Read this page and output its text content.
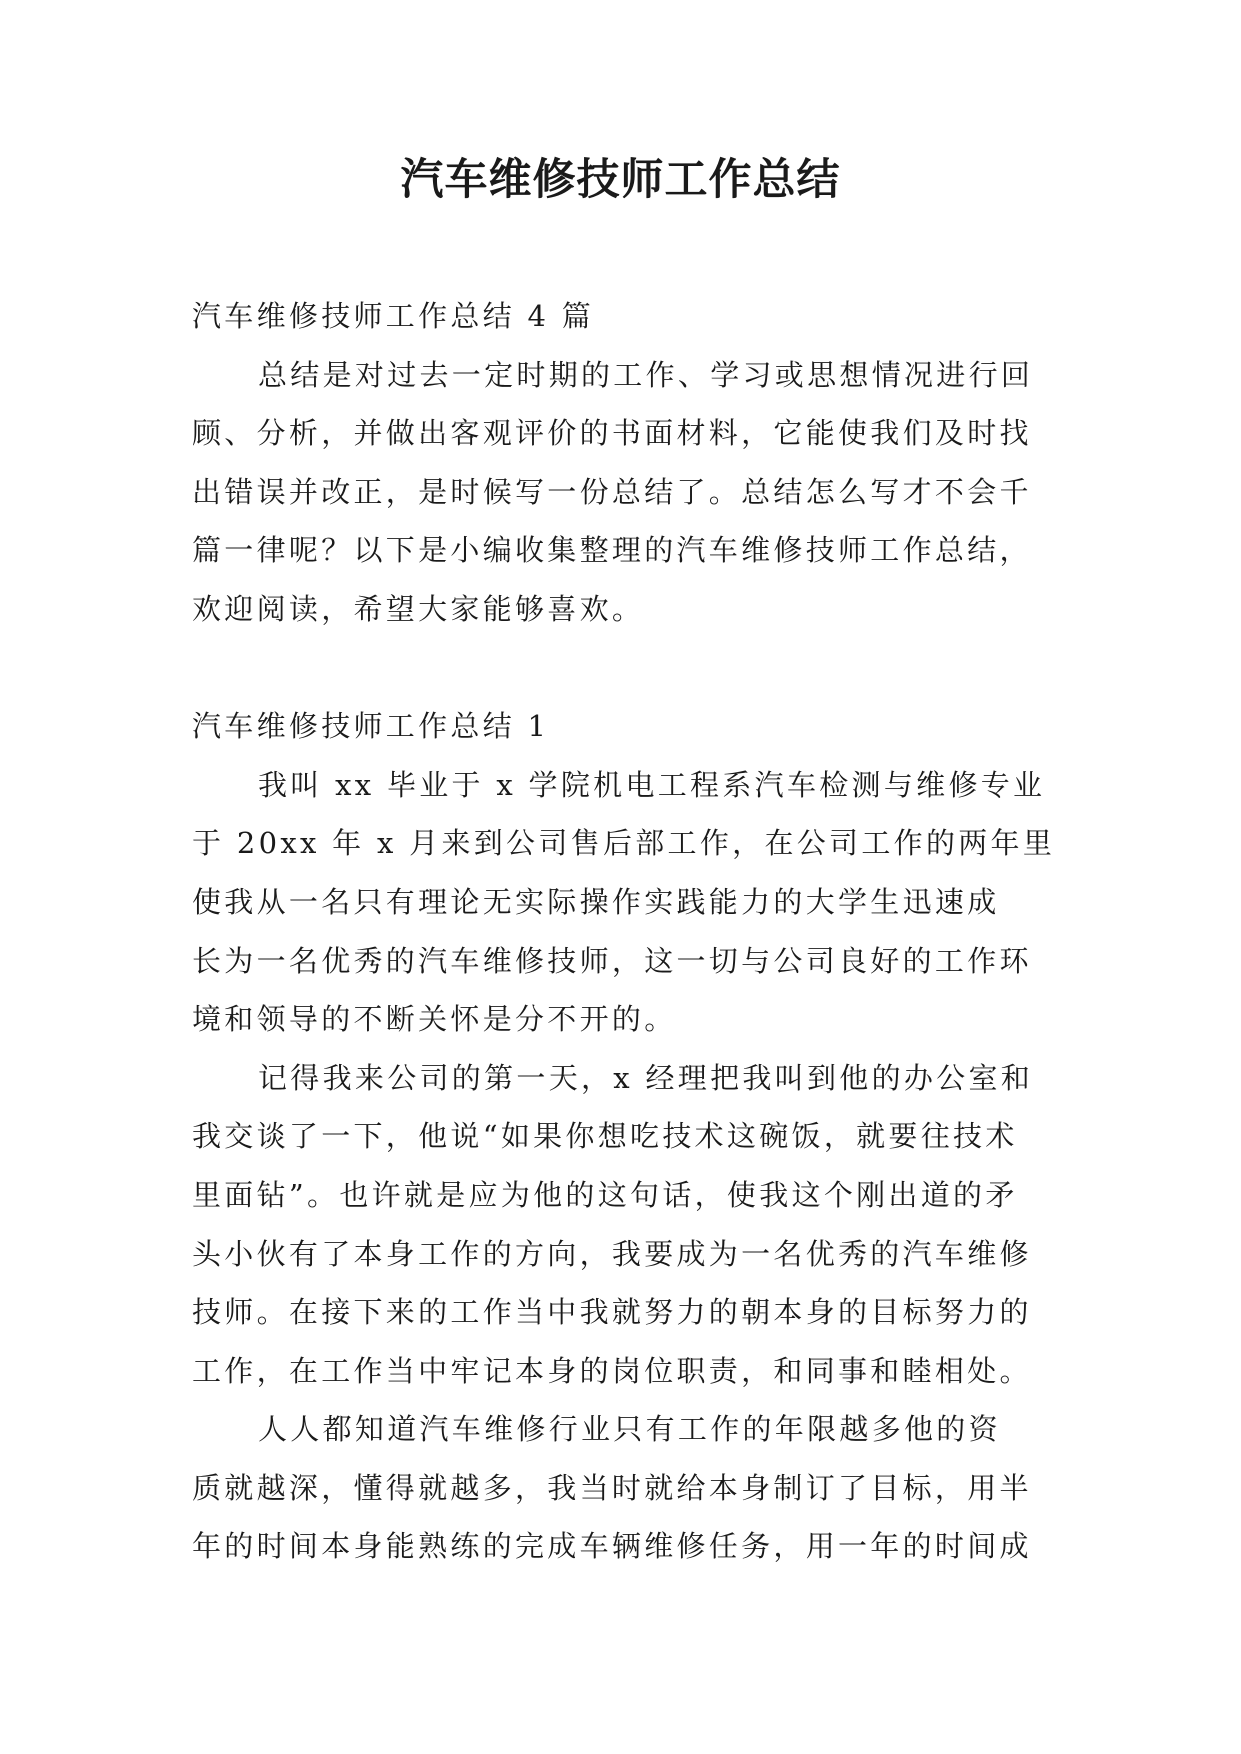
汽车维修技师工作总结
汽车维修技师工作总结 4 篇
总结是对过去一定时期的工作、学习或思想情况进行回
顾、分析，并做出客观评价的书面材料，它能使我们及时找
出错误并改正，是时候写一份总结了。总结怎么写才不会千
篇一律呢？以下是小编收集整理的汽车维修技师工作总结，
欢迎阅读，希望大家能够喜欢。
汽车维修技师工作总结 1
我叫 xx 毕业于 x 学院机电工程系汽车检测与维修专业
于 20xx 年 x 月来到公司售后部工作，在公司工作的两年里
使我从一名只有理论无实际操作实践能力的大学生迅速成
长为一名优秀的汽车维修技师，这一切与公司良好的工作环
境和领导的不断关怀是分不开的。
记得我来公司的第一天，x 经理把我叫到他的办公室和
我交谈了一下，他说“如果你想吃技术这碗饭，就要往技术
里面钻”。也许就是应为他的这句话，使我这个刚出道的矛
头小伙有了本身工作的方向，我要成为一名优秀的汽车维修
技师。在接下来的工作当中我就努力的朝本身的目标努力的
工作，在工作当中牢记本身的岗位职责，和同事和睦相处。
人人都知道汽车维修行业只有工作的年限越多他的资
质就越深，懂得就越多，我当时就给本身制订了目标，用半
年的时间本身能熟练的完成车辆维修任务，用一年的时间成
